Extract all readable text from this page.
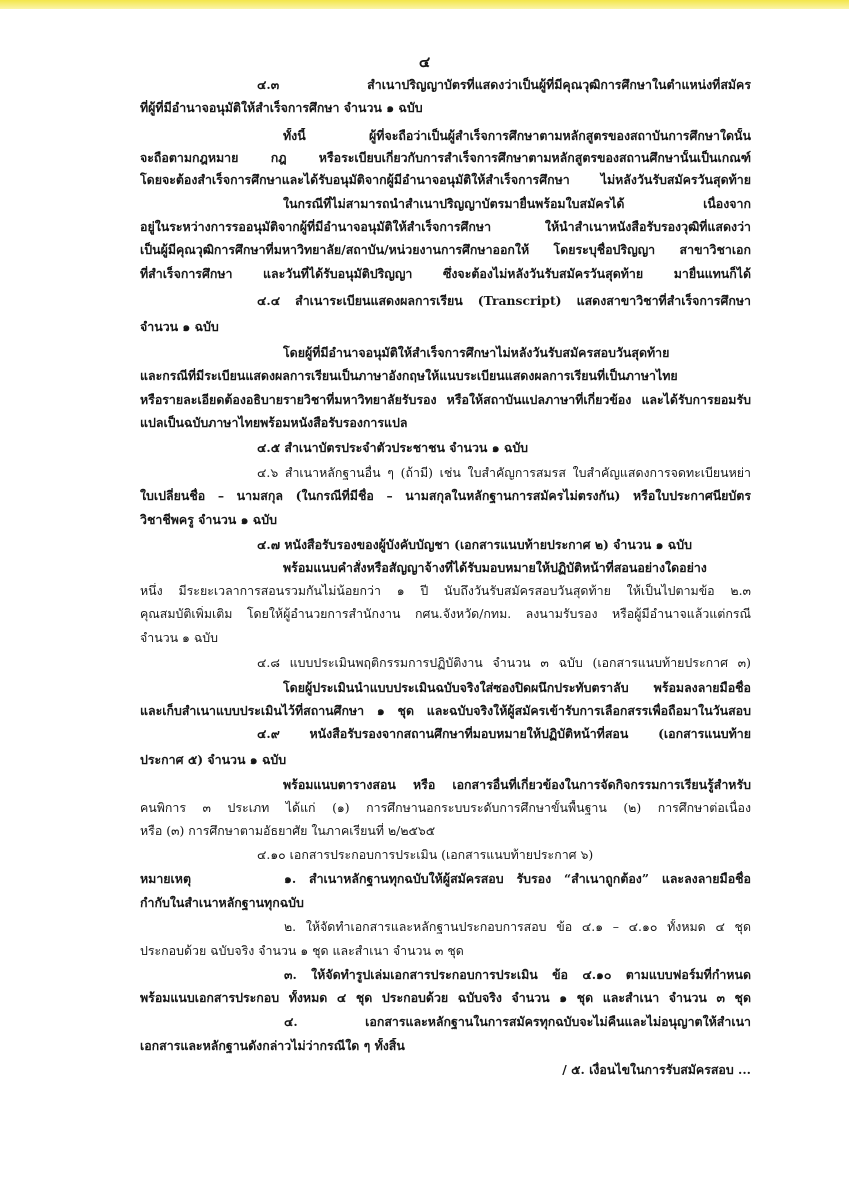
๔
๔.๓ สำเนาปริญญาบัตรที่แสดงว่าเป็นผู้ที่มีคุณวุฒิการศึกษาในตำแหน่งที่สมัคร
ที่ผู้ที่มีอำนาจอนุมัติให้สำเร็จการศึกษา จำนวน ๑ ฉบับ
ทั้งนี้ ผู้ที่จะถือว่าเป็นผู้สำเร็จการศึกษาตามหลักสูตรของสถาบันการศึกษาใดนั้น
จะถือตามกฎหมาย กฎ หรือระเบียบเกี่ยวกับการสำเร็จการศึกษาตามหลักสูตรของสถานศึกษานั้นเป็นเกณฑ์
โดยจะต้องสำเร็จการศึกษาและได้รับอนุมัติจากผู้มีอำนาจอนุมัติให้สำเร็จการศึกษา ไม่หลังวันรับสมัครวันสุดท้าย
ในกรณีที่ไม่สามารถนำสำเนาปริญญาบัตรมายื่นพร้อมใบสมัครได้ เนื่องจาก
อยู่ในระหว่างการรออนุมัติจากผู้ที่มีอำนาจอนุมัติให้สำเร็จการศึกษา ให้นำสำเนาหนังสือรับรองวุฒิที่แสดงว่า
เป็นผู้มีคุณวุฒิการศึกษาที่มหาวิทยาลัย/สถาบัน/หน่วยงานการศึกษาออกให้ โดยระบุชื่อปริญญา สาขาวิชาเอก
ที่สำเร็จการศึกษา และวันที่ได้รับอนุมัติปริญญา ซึ่งจะต้องไม่หลังวันรับสมัครวันสุดท้าย มายื่นแทนก็ได้
๔.๔ สำเนาระเบียนแสดงผลการเรียน (Transcript) แสดงสาขาวิชาที่สำเร็จการศึกษา
จำนวน ๑ ฉบับ
โดยผู้ที่มีอำนาจอนุมัติให้สำเร็จการศึกษาไม่หลังวันรับสมัครสอบวันสุดท้าย
และกรณีที่มีระเบียนแสดงผลการเรียนเป็นภาษาอังกฤษให้แนบระเบียนแสดงผลการเรียนที่เป็นภาษาไทย
หรือรายละเอียดต้องอธิบายรายวิชาที่มหาวิทยาลัยรับรอง หรือให้สถาบันแปลภาษาที่เกี่ยวข้อง และได้รับการยอมรับ
แปลเป็นฉบับภาษาไทยพร้อมหนังสือรับรองการแปล
๔.๕ สำเนาบัตรประจำตัวประชาชน จำนวน ๑ ฉบับ
๔.๖ สำเนาหลักฐานอื่น ๆ (ถ้ามี) เช่น ใบสำคัญการสมรส ใบสำคัญแสดงการจดทะเบียนหย่า
ใบเปลี่ยนชื่อ – นามสกุล (ในกรณีที่มีชื่อ – นามสกุลในหลักฐานการสมัครไม่ตรงกัน) หรือใบประกาศนียบัตร
วิชาชีพครู จำนวน ๑ ฉบับ
๔.๗ หนังสือรับรองของผู้บังคับบัญชา (เอกสารแนบท้ายประกาศ ๒) จำนวน ๑ ฉบับ
พร้อมแนบคำสั่งหรือสัญญาจ้างที่ได้รับมอบหมายให้ปฏิบัติหน้าที่สอนอย่างใดอย่าง
หนึ่ง มีระยะเวลาการสอนรวมกันไม่น้อยกว่า ๑ ปี นับถึงวันรับสมัครสอบวันสุดท้าย ให้เป็นไปตามข้อ ๒.๓
คุณสมบัติเพิ่มเติม โดยให้ผู้อำนวยการสำนักงาน กศน.จังหวัด/กทม. ลงนามรับรอง หรือผู้มีอำนาจแล้วแต่กรณี
จำนวน ๑ ฉบับ
๔.๘ แบบประเมินพฤติกรรมการปฏิบัติงาน จำนวน ๓ ฉบับ (เอกสารแนบท้ายประกาศ ๓)
โดยผู้ประเมินนำแบบประเมินฉบับจริงใส่ซองปิดผนึกประทับตราลับ พร้อมลงลายมือชื่อ
และเก็บสำเนาแบบประเมินไว้ที่สถานศึกษา ๑ ชุด และฉบับจริงให้ผู้สมัครเข้ารับการเลือกสรรเพื่อถือมาในวันสอบ
๔.๙ หนังสือรับรองจากสถานศึกษาที่มอบหมายให้ปฏิบัติหน้าที่สอน (เอกสารแนบท้าย
ประกาศ ๕) จำนวน ๑ ฉบับ
พร้อมแนบตารางสอน หรือ เอกสารอื่นที่เกี่ยวข้องในการจัดกิจกรรมการเรียนรู้สำหรับ
คนพิการ ๓ ประเภท ได้แก่ (๑) การศึกษานอกระบบระดับการศึกษาขั้นพื้นฐาน (๒) การศึกษาต่อเนื่อง
หรือ (๓) การศึกษาตามอัธยาศัย ในภาคเรียนที่ ๒/๒๕๖๕
๔.๑๐ เอกสารประกอบการประเมิน (เอกสารแนบท้ายประกาศ ๖)
หมายเหตุ	๑. สำเนาหลักฐานทุกฉบับให้ผู้สมัครสอบ รับรอง “สำเนาถูกต้อง” และลงลายมือชื่อ
กำกับในสำเนาหลักฐานทุกฉบับ
๒. ให้จัดทำเอกสารและหลักฐานประกอบการสอบ ข้อ ๔.๑ – ๔.๑๐ ทั้งหมด ๔ ชุด
ประกอบด้วย ฉบับจริง จำนวน ๑ ชุด และสำเนา จำนวน ๓ ชุด
๓. ให้จัดทำรูปเล่มเอกสารประกอบการประเมิน ข้อ ๔.๑๐ ตามแบบฟอร์มที่กำหนด
พร้อมแนบเอกสารประกอบ ทั้งหมด ๔ ชุด ประกอบด้วย ฉบับจริง จำนวน ๑ ชุด และสำเนา จำนวน ๓ ชุด
๔. เอกสารและหลักฐานในการสมัครทุกฉบับจะไม่คืนและไม่อนุญาตให้สำเนา
เอกสารและหลักฐานดังกล่าวไม่ว่ากรณีใด ๆ ทั้งสิ้น
/ ๕. เงื่อนไขในการรับสมัครสอบ ...
